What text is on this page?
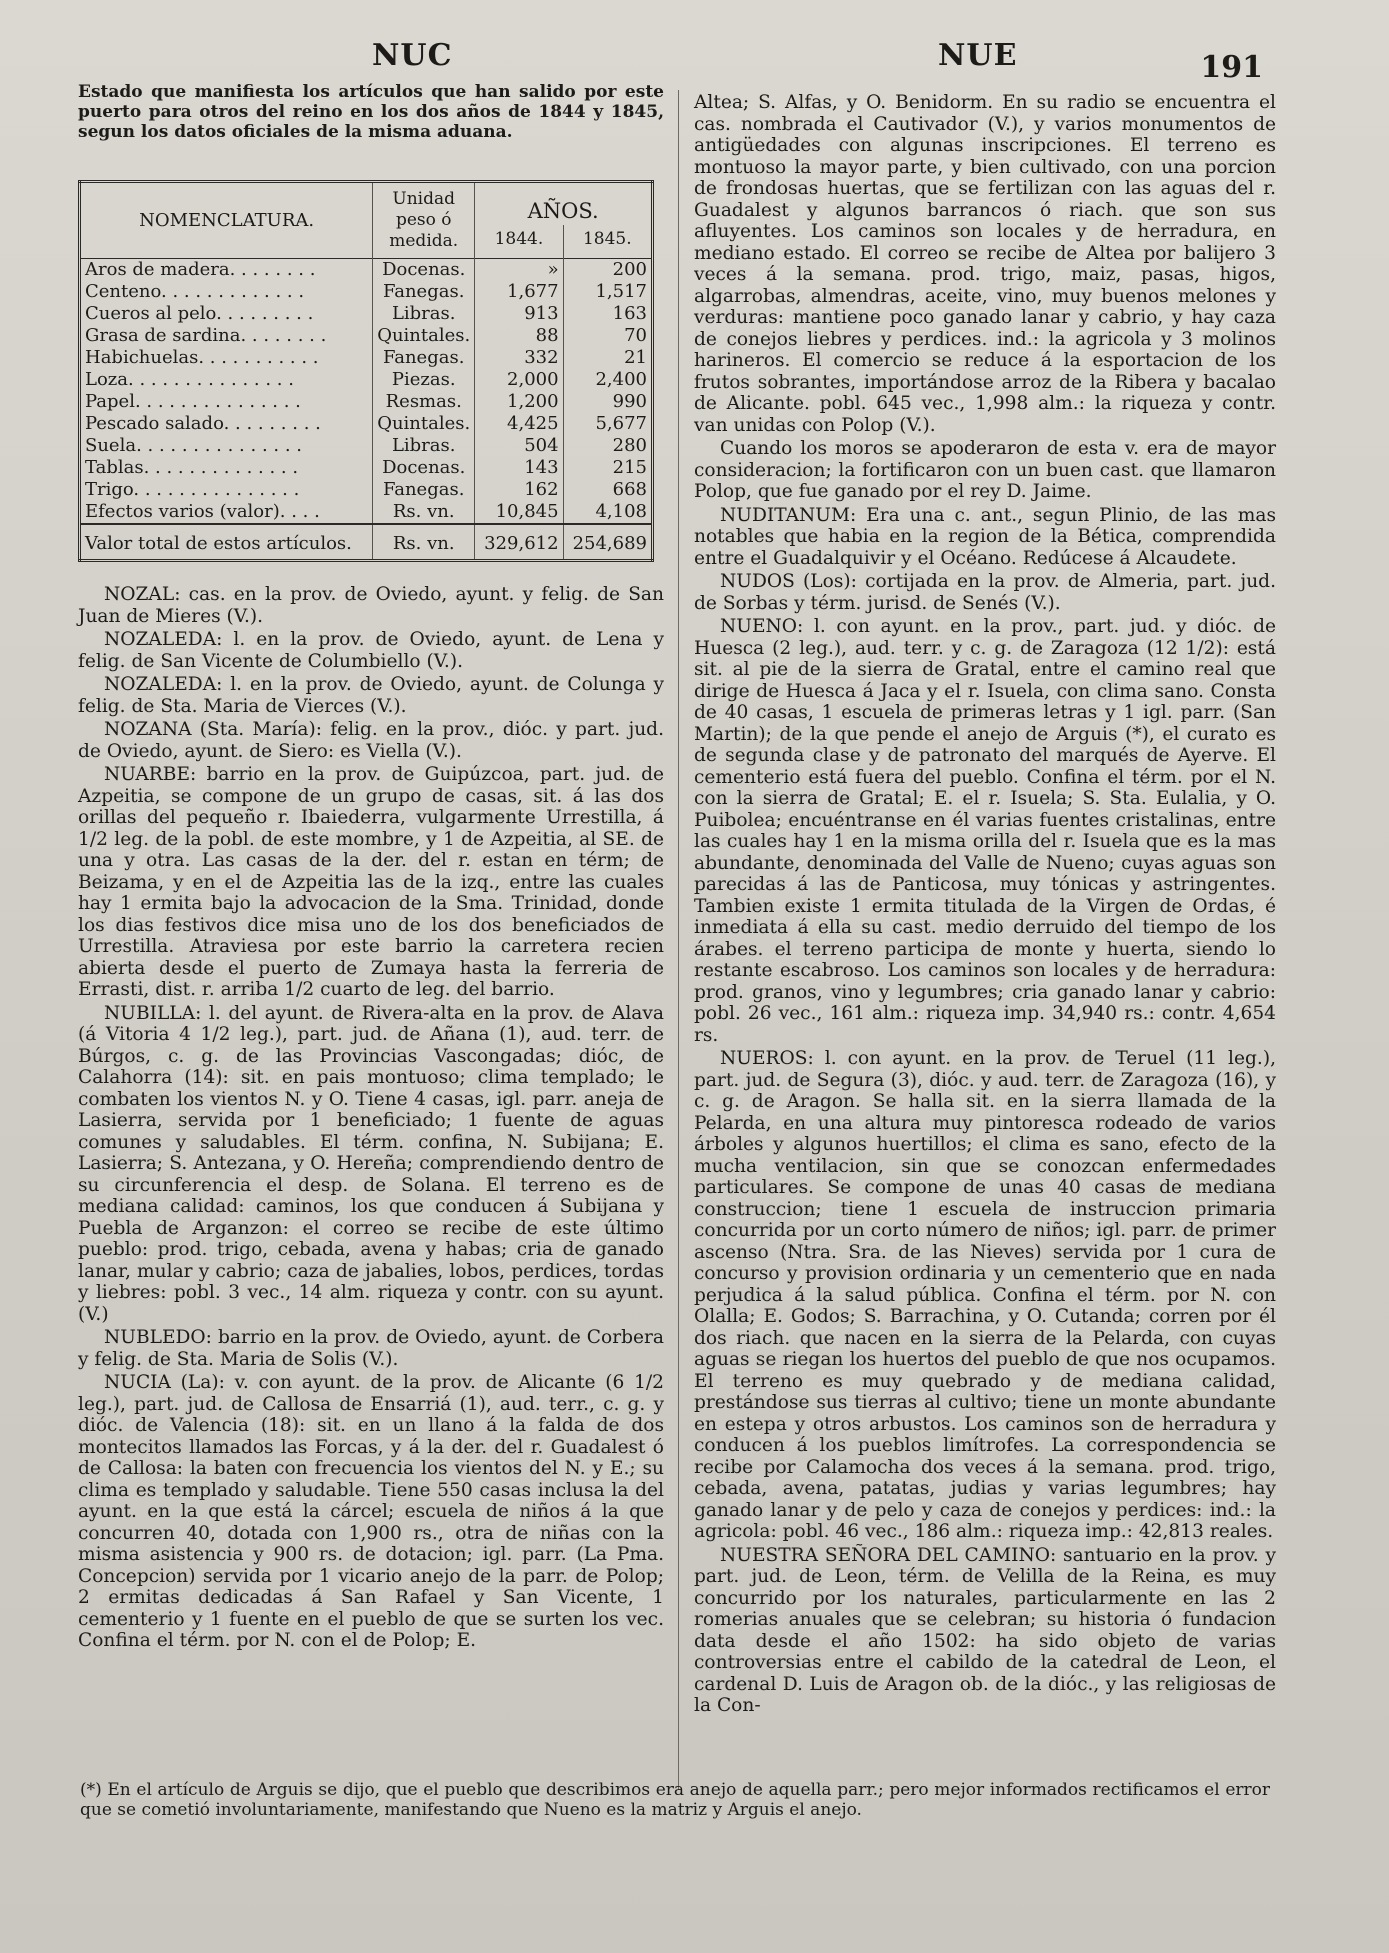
NUC	NUE	191

Estado que manifiesta los artículos que han salido por este puerto para otros del reino en los dos años de 1844 y 1845, segun los datos oficiales de la misma aduana.

NOMENCLATURA.	Unidad peso ó medida.	AÑOS.	
		1844.	1845.
Aros de madera. . . . . . . .	Docenas.	»	200
Centeno. . . . . . . . . . . . .	Fanegas.	1,677	1,517
Cueros al pelo. . . . . . . . .	Libras.	913	163
Grasa de sardina. . . . . . . .	Quintales.	88	70
Habichuelas. . . . . . . . . . .	Fanegas.	332	21
Loza. . . . . . . . . . . . . . .	Piezas.	2,000	2,400
Papel. . . . . . . . . . . . . . .	Resmas.	1,200	990
Pescado salado. . . . . . . . .	Quintales.	4,425	5,677
Suela. . . . . . . . . . . . . . .	Libras.	504	280
Tablas. . . . . . . . . . . . . .	Docenas.	143	215
Trigo. . . . . . . . . . . . . . .	Fanegas.	162	668
Efectos varios (valor). . . .	Rs. vn.	10,845	4,108
Valor total de estos artículos.	Rs. vn.	329,612	254,689

NOZAL: cas. en la prov. de Oviedo, ayunt. y felig. de San Juan de Mieres (V.).

NOZALEDA: l. en la prov. de Oviedo, ayunt. de Lena y felig. de San Vicente de Columbiello (V.).

NOZALEDA: l. en la prov. de Oviedo, ayunt. de Colunga y felig. de Sta. Maria de Vierces (V.).

NOZANA (Sta. María): felig. en la prov., dióc. y part. jud. de Oviedo, ayunt. de Siero: es Viella (V.).

NUARBE: barrio en la prov. de Guipúzcoa, part. jud. de Azpeitia, se compone de un grupo de casas, sit. á las dos orillas del pequeño r. Ibaiederra, vulgarmente Urrestilla, á 1/2 leg. de la pobl. de este mombre, y 1 de Azpeitia, al SE. de una y otra. Las casas de la der. del r. estan en térm; de Beizama, y en el de Azpeitia las de la izq., entre las cuales hay 1 ermita bajo la advocacion de la Sma. Trinidad, donde los dias festivos dice misa uno de los dos beneficiados de Urrestilla. Atraviesa por este barrio la carretera recien abierta desde el puerto de Zumaya hasta la ferreria de Errasti, dist. r. arriba 1/2 cuarto de leg. del barrio.

NUBILLA: l. del ayunt. de Rivera-alta en la prov. de Alava (á Vitoria 4 1/2 leg.), part. jud. de Añana (1), aud. terr. de Búrgos, c. g. de las Provincias Vascongadas; dióc, de Calahorra (14): sit. en pais montuoso; clima templado; le combaten los vientos N. y O. Tiene 4 casas, igl. parr. aneja de Lasierra, servida por 1 beneficiado; 1 fuente de aguas comunes y saludables. El térm. confina, N. Subijana; E. Lasierra; S. Antezana, y O. Hereña; comprendiendo dentro de su circunferencia el desp. de Solana. El terreno es de mediana calidad: caminos, los que conducen á Subijana y Puebla de Arganzon: el correo se recibe de este último pueblo: prod. trigo, cebada, avena y habas; cria de ganado lanar, mular y cabrio; caza de jabalies, lobos, perdices, tordas y liebres: pobl. 3 vec., 14 alm. riqueza y contr. con su ayunt. (V.)

NUBLEDO: barrio en la prov. de Oviedo, ayunt. de Corbera y felig. de Sta. Maria de Solis (V.).

NUCIA (La): v. con ayunt. de la prov. de Alicante (6 1/2 leg.), part. jud. de Callosa de Ensarriá (1), aud. terr., c. g. y dióc. de Valencia (18): sit. en un llano á la falda de dos montecitos llamados las Forcas, y á la der. del r. Guadalest ó de Callosa: la baten con frecuencia los vientos del N. y E.; su clima es templado y saludable. Tiene 550 casas inclusa la del ayunt. en la que está la cárcel; escuela de niños á la que concurren 40, dotada con 1,900 rs., otra de niñas con la misma asistencia y 900 rs. de dotacion; igl. parr. (La Pma. Concepcion) servida por 1 vicario anejo de la parr. de Polop; 2 ermitas dedicadas á San Rafael y San Vicente, 1 cementerio y 1 fuente en el pueblo de que se surten los vec. Confina el térm. por N. con el de Polop; E.

Altea; S. Alfas, y O. Benidorm. En su radio se encuentra el cas. nombrada el Cautivador (V.), y varios monumentos de antigüedades con algunas inscripciones. El terreno es montuoso la mayor parte, y bien cultivado, con una porcion de frondosas huertas, que se fertilizan con las aguas del r. Guadalest y algunos barrancos ó riach. que son sus afluyentes. Los caminos son locales y de herradura, en mediano estado. El correo se recibe de Altea por balijero 3 veces á la semana. prod. trigo, maiz, pasas, higos, algarrobas, almendras, aceite, vino, muy buenos melones y verduras: mantiene poco ganado lanar y cabrio, y hay caza de conejos liebres y perdices. ind.: la agricola y 3 molinos harineros. El comercio se reduce á la esportacion de los frutos sobrantes, importándose arroz de la Ribera y bacalao de Alicante. pobl. 645 vec., 1,998 alm.: la riqueza y contr. van unidas con Polop (V.).

Cuando los moros se apoderaron de esta v. era de mayor consideracion; la fortificaron con un buen cast. que llamaron Polop, que fue ganado por el rey D. Jaime.

NUDITANUM: Era una c. ant., segun Plinio, de las mas notables que habia en la region de la Bética, comprendida entre el Guadalquivir y el Océano. Redúcese á Alcaudete.

NUDOS (Los): cortijada en la prov. de Almeria, part. jud. de Sorbas y térm. jurisd. de Senés (V.).

NUENO: l. con ayunt. en la prov., part. jud. y dióc. de Huesca (2 leg.), aud. terr. y c. g. de Zaragoza (12 1/2): está sit. al pie de la sierra de Gratal, entre el camino real que dirige de Huesca á Jaca y el r. Isuela, con clima sano. Consta de 40 casas, 1 escuela de primeras letras y 1 igl. parr. (San Martin); de la que pende el anejo de Arguis (*), el curato es de segunda clase y de patronato del marqués de Ayerve. El cementerio está fuera del pueblo. Confina el térm. por el N. con la sierra de Gratal; E. el r. Isuela; S. Sta. Eulalia, y O. Puibolea; encuéntranse en él varias fuentes cristalinas, entre las cuales hay 1 en la misma orilla del r. Isuela que es la mas abundante, denominada del Valle de Nueno; cuyas aguas son parecidas á las de Panticosa, muy tónicas y astringentes. Tambien existe 1 ermita titulada de la Virgen de Ordas, é inmediata á ella su cast. medio derruido del tiempo de los árabes. el terreno participa de monte y huerta, siendo lo restante escabroso. Los caminos son locales y de herradura: prod. granos, vino y legumbres; cria ganado lanar y cabrio: pobl. 26 vec., 161 alm.: riqueza imp. 34,940 rs.: contr. 4,654 rs.

NUEROS: l. con ayunt. en la prov. de Teruel (11 leg.), part. jud. de Segura (3), dióc. y aud. terr. de Zaragoza (16), y c. g. de Aragon. Se halla sit. en la sierra llamada de la Pelarda, en una altura muy pintoresca rodeado de varios árboles y algunos huertillos; el clima es sano, efecto de la mucha ventilacion, sin que se conozcan enfermedades particulares. Se compone de unas 40 casas de mediana construccion; tiene 1 escuela de instruccion primaria concurrida por un corto número de niños; igl. parr. de primer ascenso (Ntra. Sra. de las Nieves) servida por 1 cura de concurso y provision ordinaria y un cementerio que en nada perjudica á la salud pública. Confina el térm. por N. con Olalla; E. Godos; S. Barrachina, y O. Cutanda; corren por él dos riach. que nacen en la sierra de la Pelarda, con cuyas aguas se riegan los huertos del pueblo de que nos ocupamos. El terreno es muy quebrado y de mediana calidad, prestándose sus tierras al cultivo; tiene un monte abundante en estepa y otros arbustos. Los caminos son de herradura y conducen á los pueblos limítrofes. La correspondencia se recibe por Calamocha dos veces á la semana. prod. trigo, cebada, avena, patatas, judias y varias legumbres; hay ganado lanar y de pelo y caza de conejos y perdices: ind.: la agricola: pobl. 46 vec., 186 alm.: riqueza imp.: 42,813 reales.

NUESTRA SEÑORA DEL CAMINO: santuario en la prov. y part. jud. de Leon, térm. de Velilla de la Reina, es muy concurrido por los naturales, particularmente en las 2 romerias anuales que se celebran; su historia ó fundacion data desde el año 1502: ha sido objeto de varias controversias entre el cabildo de la catedral de Leon, el cardenal D. Luis de Aragon ob. de la dióc., y las religiosas de la Con-

(*) En el artículo de Arguis se dijo, que el pueblo que describimos era anejo de aquella parr.; pero mejor informados rectificamos el error que se cometió involuntariamente, manifestando que Nueno es la matriz y Arguis el anejo.
